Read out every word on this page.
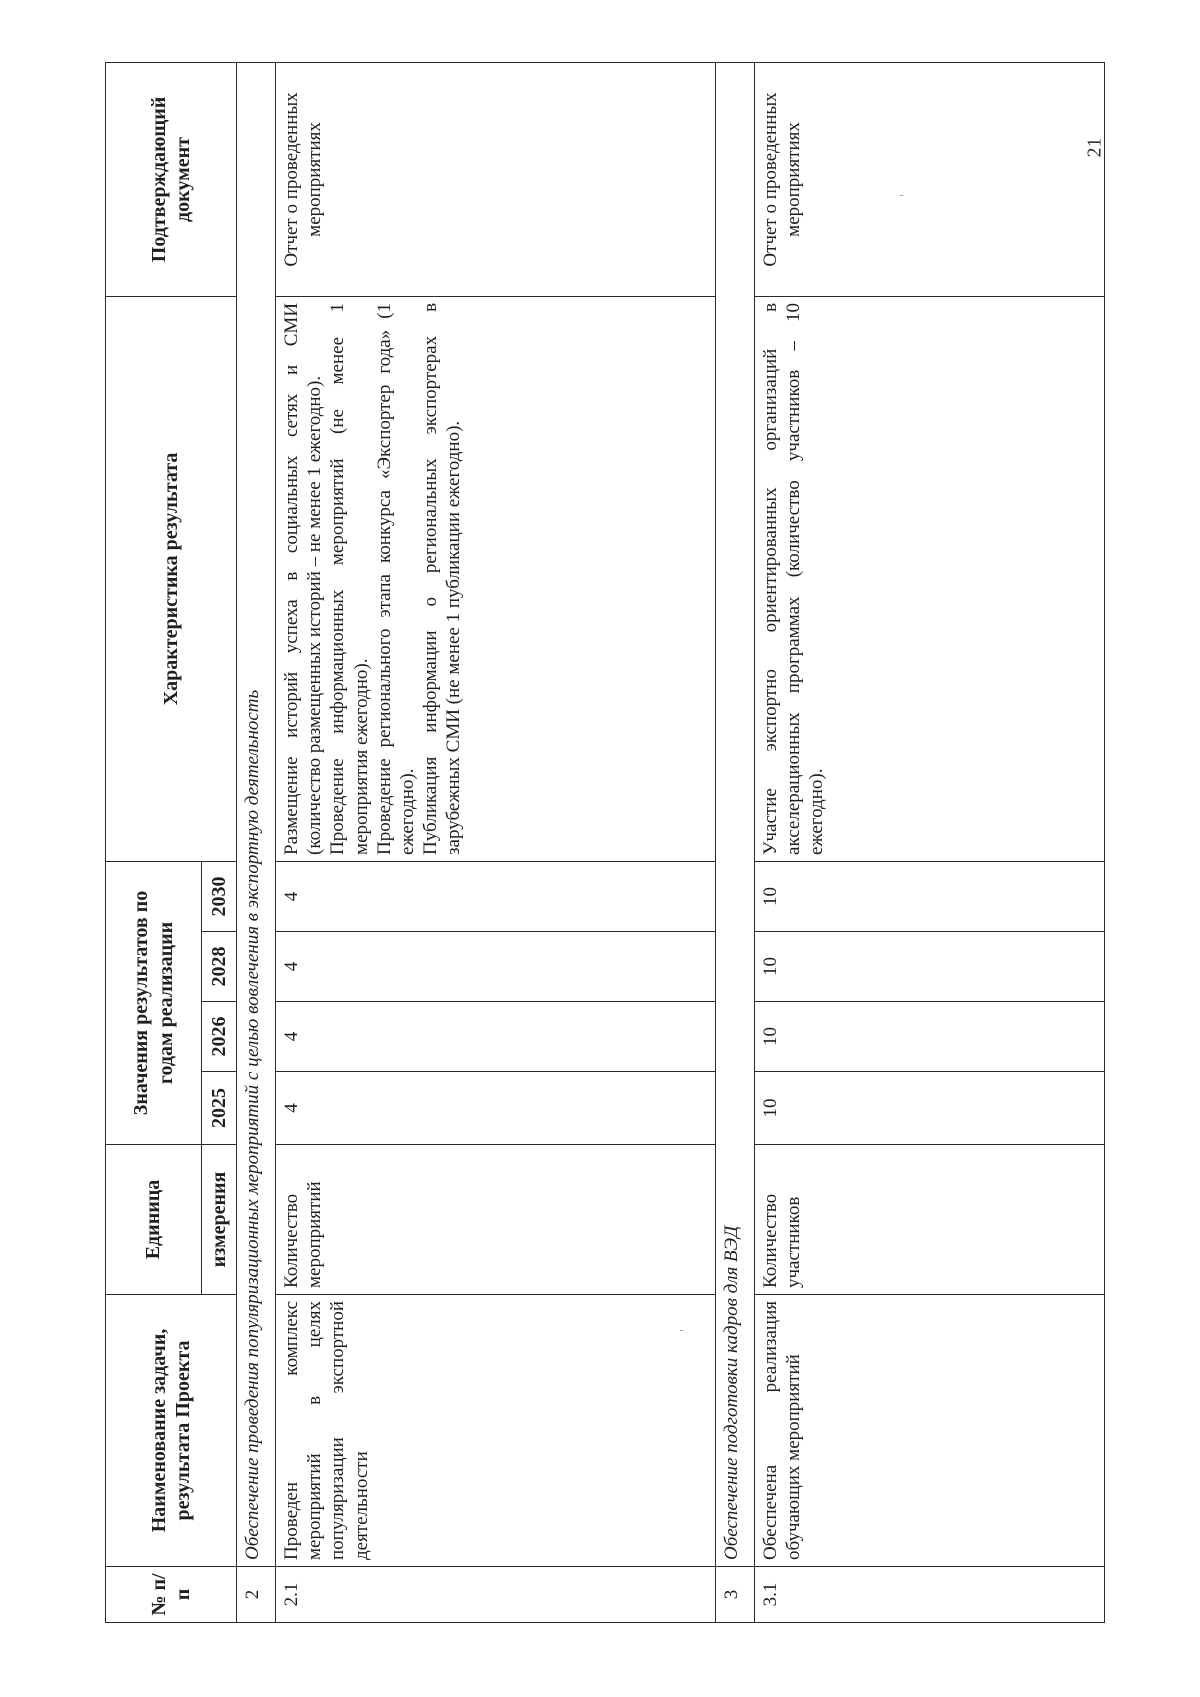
21
№ п/п	Наименование задачи, результата Проекта	Единица	Значения результатов по годам реализации				Характеристика результата	Подтверждающий документ
		измерения	2025	2026	2028	2030		
2	Обеспечение проведения популяризационных мероприятий с целью вовлечения в экспортную деятельность							
2.1	Проведен комплекс мероприятий в целях популяризации экспортной деятельности	Количество мероприятий	4	4	4	4	Размещение историй успеха в социальных сетях и СМИ (количество размещенных историй – не менее 1 ежегодно). Проведение информационных мероприятий (не менее 1 мероприятия ежегодно). Проведение регионального этапа конкурса «Экспортер года» (1 ежегодно). Публикация информации о региональных экспортерах в зарубежных СМИ (не менее 1 публикации ежегодно).	Отчет о проведенных мероприятиях
3	Обеспечение подготовки кадров для ВЭД							
3.1	Обеспечена реализация обучающих мероприятий	Количество участников	10	10	10	10	Участие экспортно ориентированных организаций в акселерационных программах (количество участников – 10 ежегодно).	Отчет о проведенных мероприятиях
